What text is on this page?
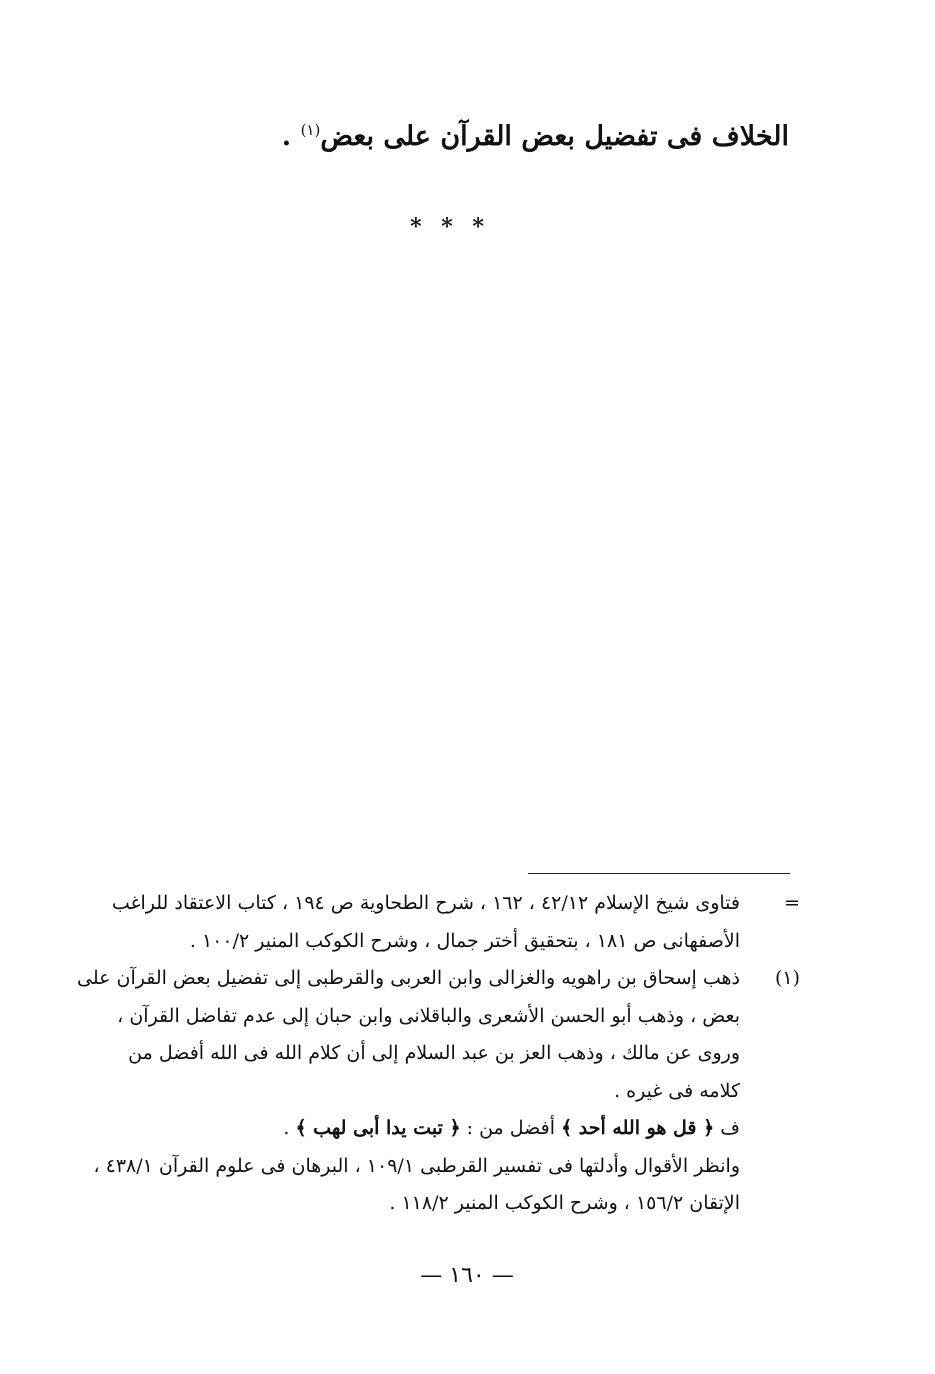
الخلاف فى تفضيل بعض القرآن على بعض$^{(١)}$ .
* * *
=
فتاوى شيخ الإسلام ٤٢/١٢ ، ١٦٢ ، شرح الطحاوية ص ١٩٤ ، كتاب الاعتقاد للراغب
الأصفهانى ص ١٨١ ، بتحقيق أختر جمال ، وشرح الكوكب المنير ١٠٠/٢ .
(١)
ذهب إسحاق بن راهويه والغزالى وابن العربى والقرطبى إلى تفضيل بعض القرآن على
بعض ، وذهب أبو الحسن الأشعرى والباقلانى وابن حبان إلى عدم تفاضل القرآن ،
وروى عن مالك ، وذهب العز بن عبد السلام إلى أن كلام الله فى الله أفضل من
كلامه فى غيره .
ف ﴿ قل هو الله أحد ﴾ أفضل من : ﴿ تبت يدا أبى لهب ﴾ .
وانظر الأقوال وأدلتها فى تفسير القرطبى ١٠٩/١ ، البرهان فى علوم القرآن ٤٣٨/١ ،
الإتقان ١٥٦/٢ ، وشرح الكوكب المنير ١١٨/٢ .
— ١٦٠ —
